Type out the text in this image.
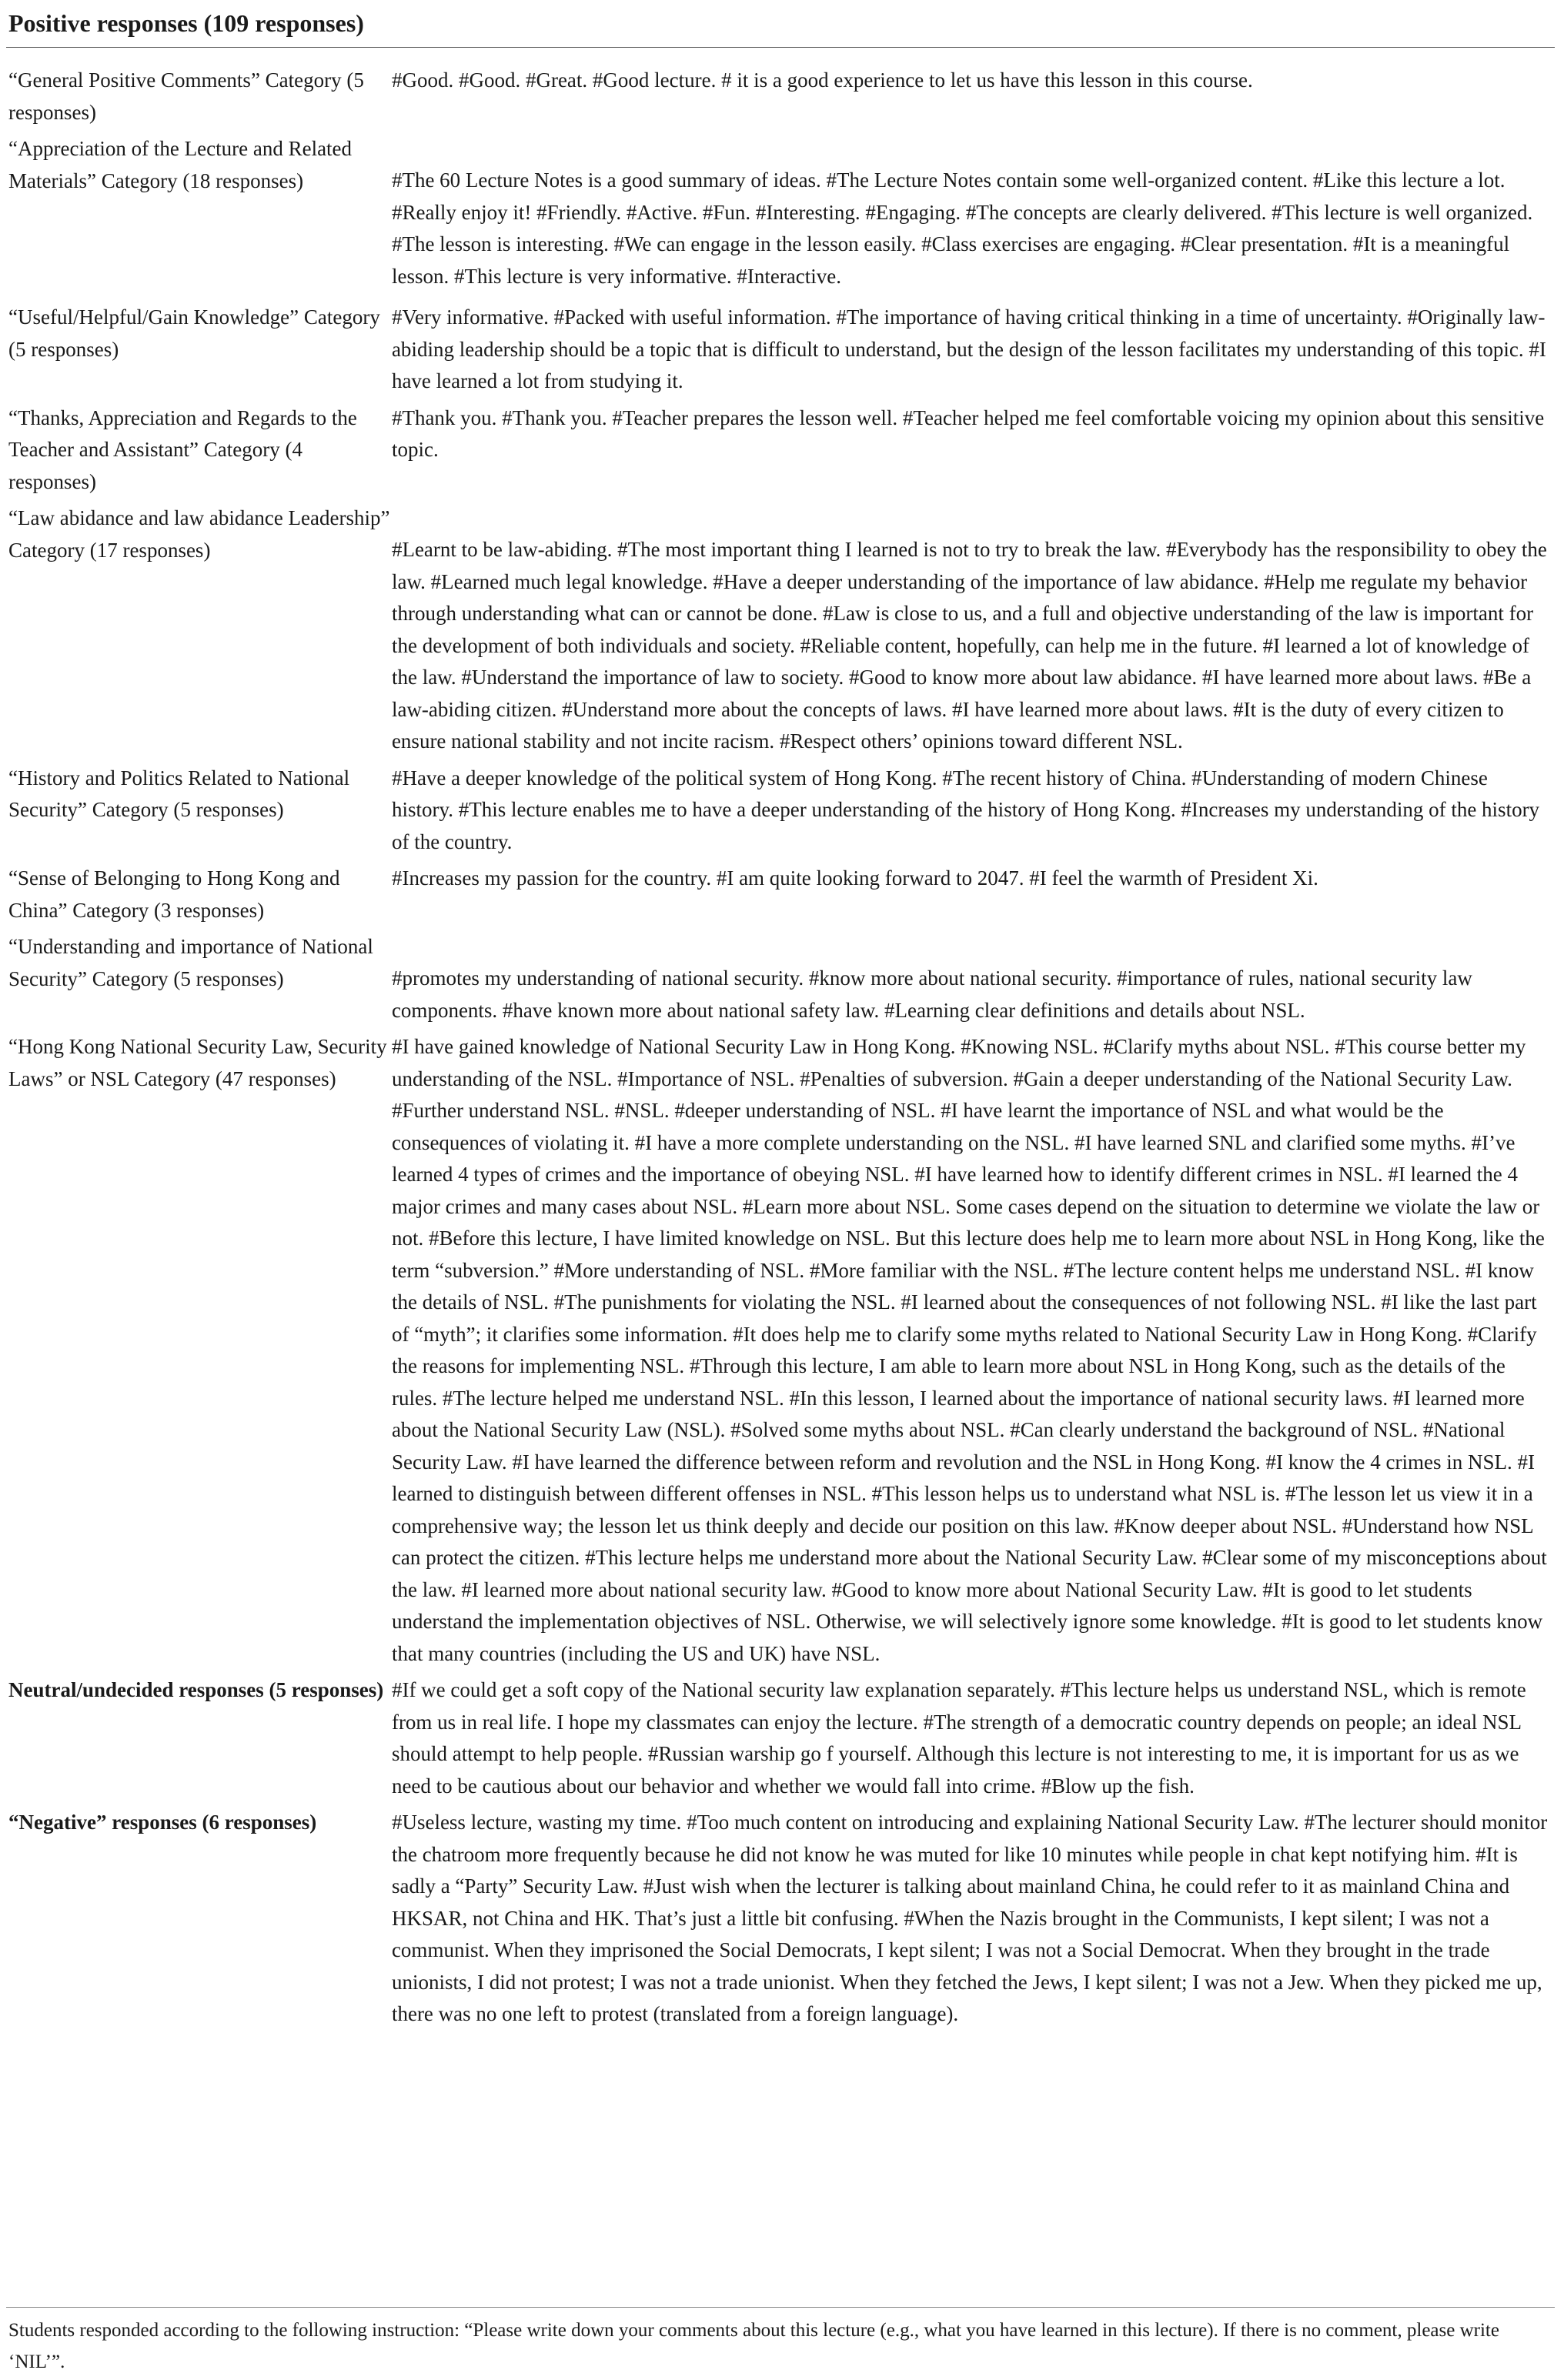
Positive responses (109 responses)
“General Positive Comments” Category (5 responses)	#Good. #Good. #Great. #Good lecture. # it is a good experience to let us have this lesson in this course.
“Appreciation of the Lecture and Related Materials” Category (18 responses)	#The 60 Lecture Notes is a good summary of ideas. #The Lecture Notes contain some well-organized content. #Like this lecture a lot. #Really enjoy it! #Friendly. #Active. #Fun. #Interesting. #Engaging. #The concepts are clearly delivered. #This lecture is well organized. #The lesson is interesting. #We can engage in the lesson easily. #Class exercises are engaging. #Clear presentation. #It is a meaningful lesson. #This lecture is very informative. #Interactive.
“Useful/Helpful/Gain Knowledge” Category (5 responses)	#Very informative. #Packed with useful information. #The importance of having critical thinking in a time of uncertainty. #Originally law-abiding leadership should be a topic that is difficult to understand, but the design of the lesson facilitates my understanding of this topic. #I have learned a lot from studying it.
“Thanks, Appreciation and Regards to the Teacher and Assistant” Category (4 responses)	#Thank you. #Thank you. #Teacher prepares the lesson well. #Teacher helped me feel comfortable voicing my opinion about this sensitive topic.
“Law abidance and law abidance Leadership” Category (17 responses)	#Learnt to be law-abiding. #The most important thing I learned is not to try to break the law. #Everybody has the responsibility to obey the law. #Learned much legal knowledge. #Have a deeper understanding of the importance of law abidance. #Help me regulate my behavior through understanding what can or cannot be done. #Law is close to us, and a full and objective understanding of the law is important for the development of both individuals and society. #Reliable content, hopefully, can help me in the future. #I learned a lot of knowledge of the law. #Understand the importance of law to society. #Good to know more about law abidance. #I have learned more about laws. #Be a law-abiding citizen. #Understand more about the concepts of laws. #I have learned more about laws. #It is the duty of every citizen to ensure national stability and not incite racism. #Respect others’ opinions toward different NSL.
“History and Politics Related to National Security” Category (5 responses)	#Have a deeper knowledge of the political system of Hong Kong. #The recent history of China. #Understanding of modern Chinese history. #This lecture enables me to have a deeper understanding of the history of Hong Kong. #Increases my understanding of the history of the country.
“Sense of Belonging to Hong Kong and China” Category (3 responses)	#Increases my passion for the country. #I am quite looking forward to 2047. #I feel the warmth of President Xi.
“Understanding and importance of National Security” Category (5 responses)	#promotes my understanding of national security. #know more about national security. #importance of rules, national security law components. #have known more about national safety law. #Learning clear definitions and details about NSL.
“Hong Kong National Security Law, Security Laws” or NSL Category (47 responses)	#I have gained knowledge of National Security Law in Hong Kong. #Knowing NSL. #Clarify myths about NSL. #This course better my understanding of the NSL. #Importance of NSL. #Penalties of subversion. #Gain a deeper understanding of the National Security Law. #Further understand NSL. #NSL. #deeper understanding of NSL. #I have learnt the importance of NSL and what would be the consequences of violating it. #I have a more complete understanding on the NSL. #I have learned SNL and clarified some myths. #I’ve learned 4 types of crimes and the importance of obeying NSL. #I have learned how to identify different crimes in NSL. #I learned the 4 major crimes and many cases about NSL. #Learn more about NSL. Some cases depend on the situation to determine we violate the law or not. #Before this lecture, I have limited knowledge on NSL. But this lecture does help me to learn more about NSL in Hong Kong, like the term “subversion.” #More understanding of NSL. #More familiar with the NSL. #The lecture content helps me understand NSL. #I know the details of NSL. #The punishments for violating the NSL. #I learned about the consequences of not following NSL. #I like the last part of “myth”; it clarifies some information. #It does help me to clarify some myths related to National Security Law in Hong Kong. #Clarify the reasons for implementing NSL. #Through this lecture, I am able to learn more about NSL in Hong Kong, such as the details of the rules. #The lecture helped me understand NSL. #In this lesson, I learned about the importance of national security laws. #I learned more about the National Security Law (NSL). #Solved some myths about NSL. #Can clearly understand the background of NSL. #National Security Law. #I have learned the difference between reform and revolution and the NSL in Hong Kong. #I know the 4 crimes in NSL. #I learned to distinguish between different offenses in NSL. #This lesson helps us to understand what NSL is. #The lesson let us view it in a comprehensive way; the lesson let us think deeply and decide our position on this law. #Know deeper about NSL. #Understand how NSL can protect the citizen. #This lecture helps me understand more about the National Security Law. #Clear some of my misconceptions about the law. #I learned more about national security law. #Good to know more about National Security Law. #It is good to let students understand the implementation objectives of NSL. Otherwise, we will selectively ignore some knowledge. #It is good to let students know that many countries (including the US and UK) have NSL.
Neutral/undecided responses (5 responses)	#If we could get a soft copy of the National security law explanation separately. #This lecture helps us understand NSL, which is remote from us in real life. I hope my classmates can enjoy the lecture. #The strength of a democratic country depends on people; an ideal NSL should attempt to help people. #Russian warship go f yourself. Although this lecture is not interesting to me, it is important for us as we need to be cautious about our behavior and whether we would fall into crime. #Blow up the fish.
“Negative” responses (6 responses)	#Useless lecture, wasting my time. #Too much content on introducing and explaining National Security Law. #The lecturer should monitor the chatroom more frequently because he did not know he was muted for like 10 minutes while people in chat kept notifying him. #It is sadly a “Party” Security Law. #Just wish when the lecturer is talking about mainland China, he could refer to it as mainland China and HKSAR, not China and HK. That’s just a little bit confusing. #When the Nazis brought in the Communists, I kept silent; I was not a communist. When they imprisoned the Social Democrats, I kept silent; I was not a Social Democrat. When they brought in the trade unionists, I did not protest; I was not a trade unionist. When they fetched the Jews, I kept silent; I was not a Jew. When they picked me up, there was no one left to protest (translated from a foreign language).
Students responded according to the following instruction: “Please write down your comments about this lecture (e.g., what you have learned in this lecture). If there is no comment, please write ‘NIL’”.
